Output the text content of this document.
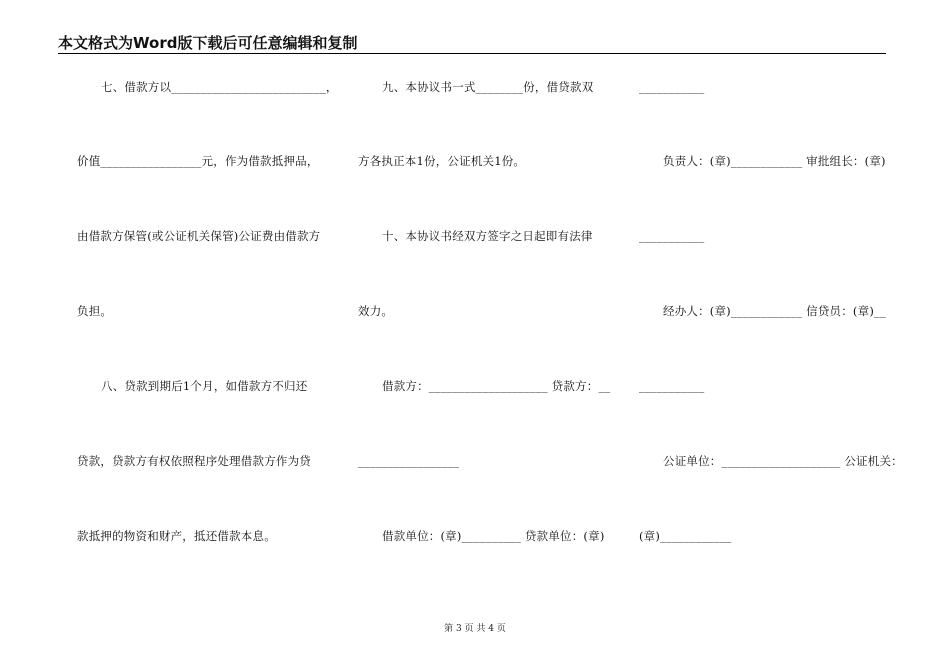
本文格式为Word版下载后可任意编辑和复制
七、借款方以__________________________，
价值_________________元，作为借款抵押品，
由借款方保管(或公证机关保管)公证费由借款方
负担。
八、贷款到期后1个月，如借款方不归还
贷款，贷款方有权依照程序处理借款方作为贷
款抵押的物资和财产，抵还借款本息。
九、本协议书一式________份，借贷款双
方各执正本1份，公证机关1份。
十、本协议书经双方签字之日起即有法律
效力。
借款方：____________________ 贷款方：__
_________________
借款单位：(章)__________ 贷款单位：(章)
___________
负责人：(章)____________ 审批组长：(章)
___________
经办人：(章)____________ 信贷员：(章)__
___________
公证单位：____________________ 公证机关：
(章)____________
第 3 页 共 4 页
